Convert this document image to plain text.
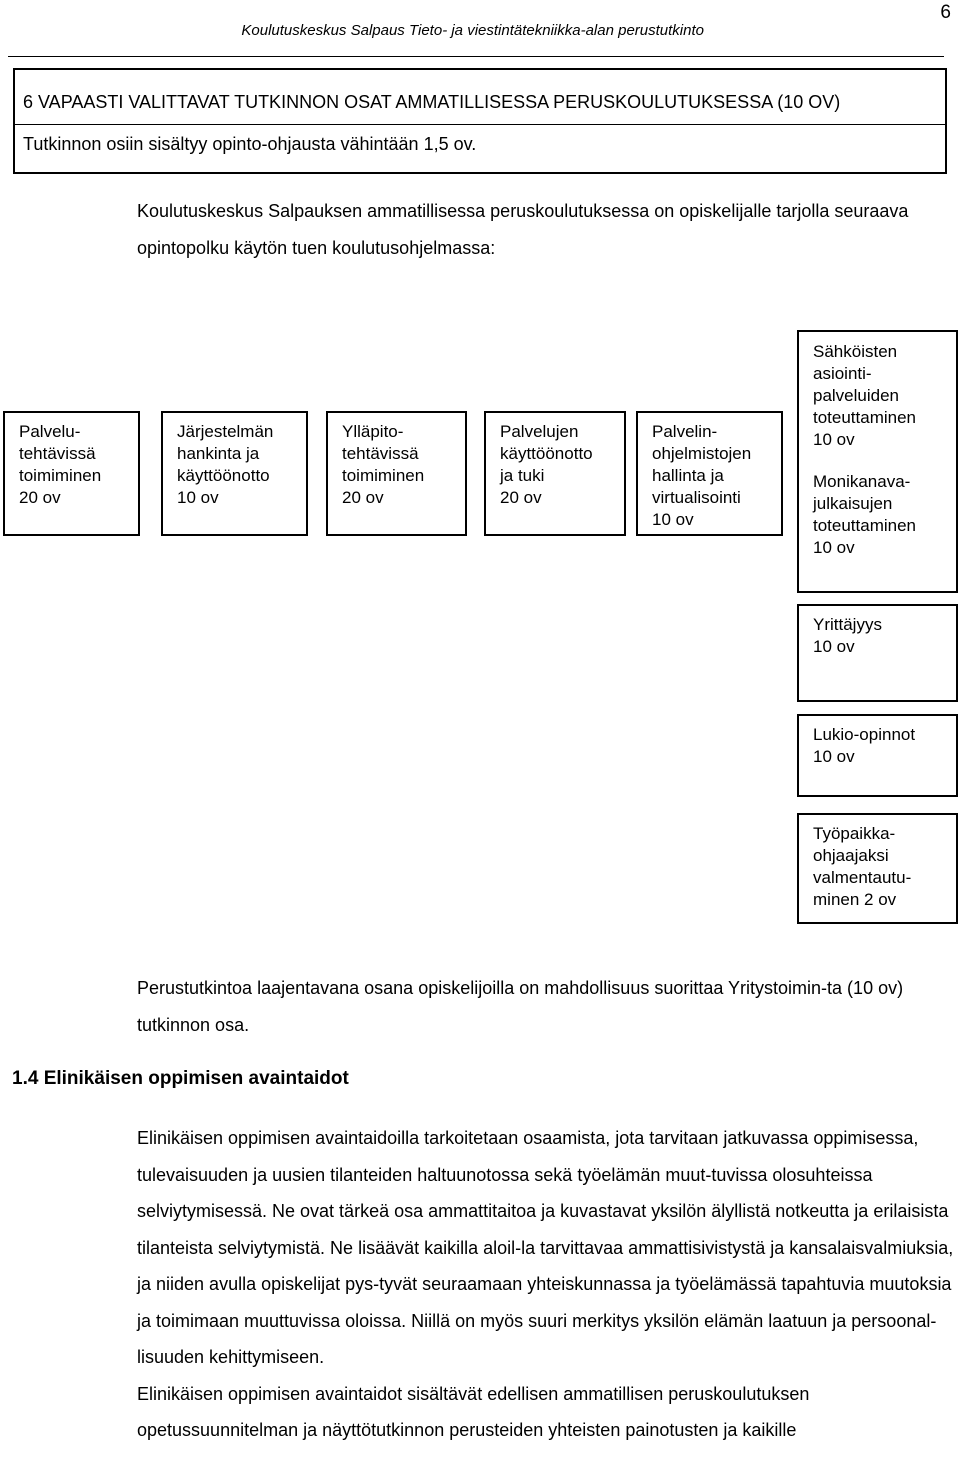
Koulutuskeskus Salpaus Tieto- ja viestintätekniikka-alan perustutkinto
6
6 VAPAASTI VALITTAVAT TUTKINNON OSAT AMMATILLISESSA PERUSKOULUTUKSESSA (10 OV)
Tutkinnon osiin sisältyy opinto-ohjausta vähintään 1,5 ov.
Koulutuskeskus Salpauksen ammatillisessa peruskoulutuksessa on opiskelijalle tarjolla seuraava opintopolku käytön tuen koulutusohjelmassa:
Palvelu-
tehtävissä
toimiminen
20 ov
Järjestelmän
hankinta ja
käyttöönotto
10 ov
Ylläpito-
tehtävissä
toimiminen
20 ov
Palvelujen
käyttöönotto
ja tuki
20 ov
Palvelin-
ohjelmistojen
hallinta ja
virtualisointi
10 ov
Sähköisten
asiointi-
palveluiden
toteuttaminen
10 ov
Monikanava-
julkaisujen
toteuttaminen
10 ov
Yrittäjyys
10 ov
Lukio-opinnot
10 ov
Työpaikka-
ohjaajaksi
valmentautu-
minen 2 ov
Perustutkintoa laajentavana osana opiskelijoilla on mahdollisuus suorittaa Yritystoimin-ta (10 ov) tutkinnon osa.
1.4 Elinikäisen oppimisen avaintaidot

Elinikäisen oppimisen avaintaidoilla tarkoitetaan osaamista, jota tarvitaan jatkuvassa oppimisessa, tulevaisuuden ja uusien tilanteiden haltuunotossa sekä työelämän muut-tuvissa olosuhteissa selviytymisessä. Ne ovat tärkeä osa ammattitaitoa ja kuvastavat yksilön älyllistä notkeutta ja erilaisista tilanteista selviytymistä. Ne lisäävät kaikilla aloil-la tarvittavaa ammattisivistystä ja kansalaisvalmiuksia, ja niiden avulla opiskelijat pys-tyvät seuraamaan yhteiskunnassa ja työelämässä tapahtuvia muutoksia ja toimimaan muuttuvissa oloissa. Niillä on myös suuri merkitys yksilön elämän laatuun ja persoonal-lisuuden kehittymiseen.

Elinikäisen oppimisen avaintaidot sisältävät edellisen ammatillisen peruskoulutuksen opetussuunnitelman ja näyttötutkinnon perusteiden yhteisten painotusten ja kaikille
